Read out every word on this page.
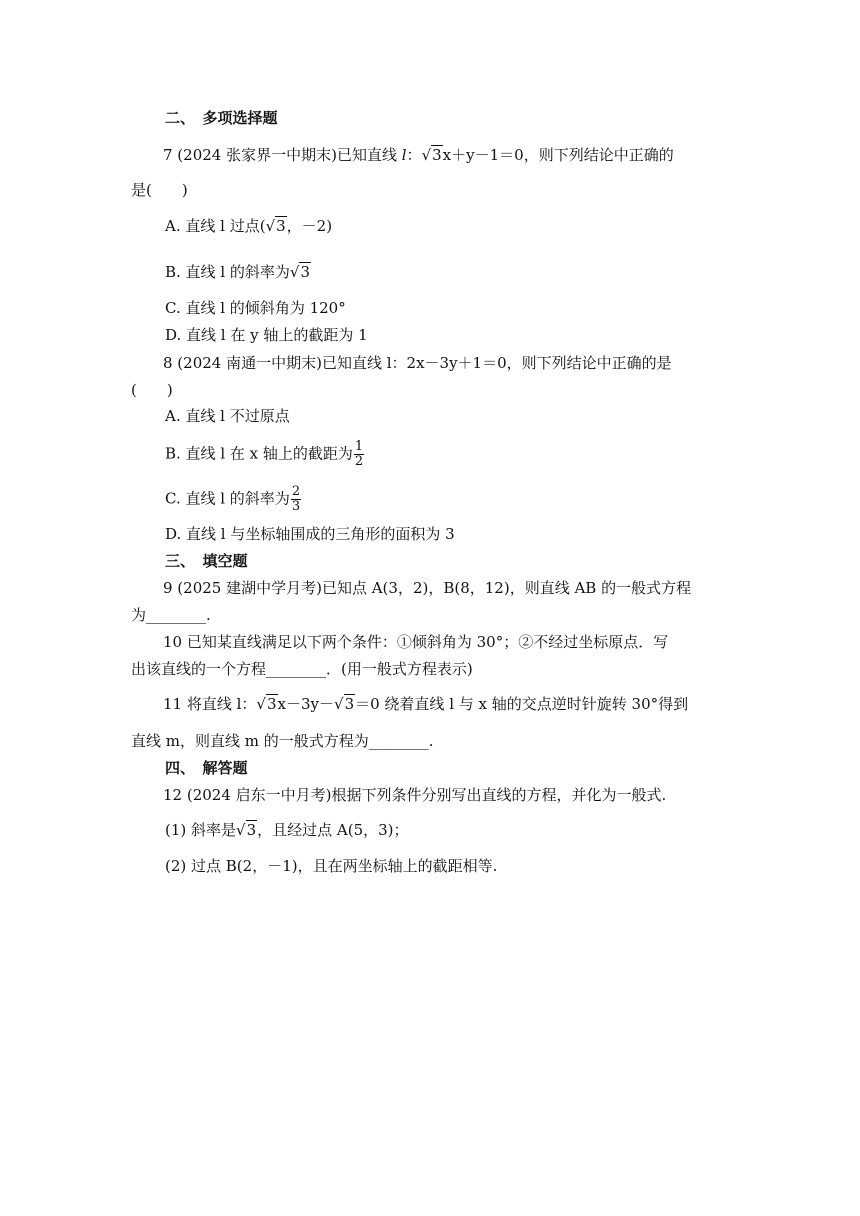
二、　多项选择题
7 (2024 张家界一中期末)已知直线 l：√3x＋y－1＝0，则下列结论中正确的
是(　　)
A. 直线 l 过点(√3，－2)
B. 直线 l 的斜率为√3
C. 直线 l 的倾斜角为 120°
D. 直线 l 在 y 轴上的截距为 1
8 (2024 南通一中期末)已知直线 l：2x－3y＋1＝0，则下列结论中正确的是
(　　)
A. 直线 l 不过原点
B. 直线 l 在 x 轴上的截距为 $\frac{1}{2}$
C. 直线 l 的斜率为 $\frac{2}{3}$
D. 直线 l 与坐标轴围成的三角形的面积为 3
三、　填空题
9 (2025 建湖中学月考)已知点 A(3，2)，B(8，12)，则直线 AB 的一般式方程
为________.
10 已知某直线满足以下两个条件：①倾斜角为 30°；②不经过坐标原点．写
出该直线的一个方程________．(用一般式方程表示)
11 将直线 l：√3x－3y－√3＝0 绕着直线 l 与 x 轴的交点逆时针旋转 30°得到
直线 m，则直线 m 的一般式方程为________.
四、　解答题
12 (2024 启东一中月考)根据下列条件分别写出直线的方程，并化为一般式.
(1) 斜率是√3，且经过点 A(5，3)；
(2) 过点 B(2，－1)，且在两坐标轴上的截距相等.
